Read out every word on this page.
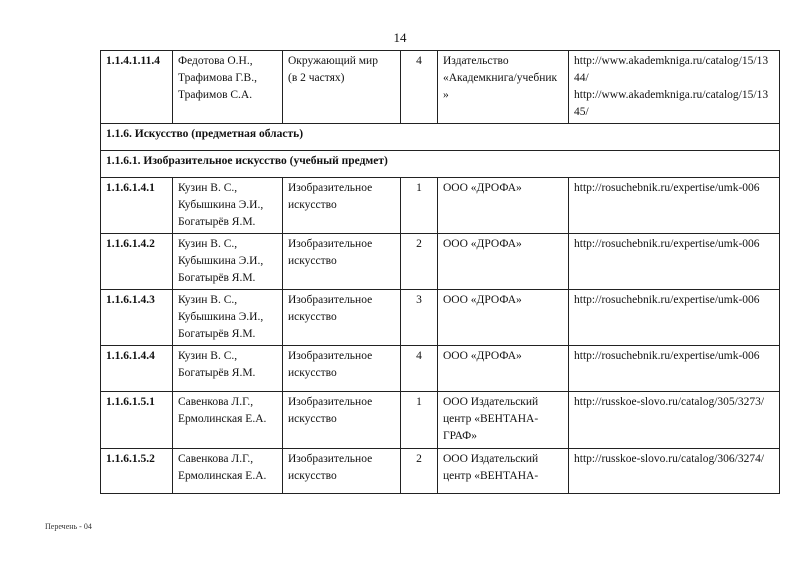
14
1.1.4.1.11.4	Федотова О.Н.,
Трафимова Г.В.,
Трафимов С.А.	Окружающий мир
(в 2 частях)	4	Издательство
«Академкнига/учебник
»	http://www.akademkniga.ru/catalog/15/13
44/
http://www.akademkniga.ru/catalog/15/13
45/
1.1.6. Искусство (предметная область)					
1.1.6.1. Изобразительное искусство (учебный предмет)					
1.1.6.1.4.1	Кузин В. С.,
Кубышкина Э.И.,
Богатырёв Я.М.	Изобразительное
искусство	1	ООО «ДРОФА»	http://rosuchebnik.ru/expertise/umk-006
1.1.6.1.4.2	Кузин В. С.,
Кубышкина Э.И.,
Богатырёв Я.М.	Изобразительное
искусство	2	ООО «ДРОФА»	http://rosuchebnik.ru/expertise/umk-006
1.1.6.1.4.3	Кузин В. С.,
Кубышкина Э.И.,
Богатырёв Я.М.	Изобразительное
искусство	3	ООО «ДРОФА»	http://rosuchebnik.ru/expertise/umk-006
1.1.6.1.4.4	Кузин В. С.,
Богатырёв Я.М.	Изобразительное
искусство	4	ООО «ДРОФА»	http://rosuchebnik.ru/expertise/umk-006
1.1.6.1.5.1	Савенкова Л.Г.,
Ермолинская Е.А.	Изобразительное
искусство	1	ООО Издательский
центр «ВЕНТАНА-
ГРАФ»	http://russkoe-slovo.ru/catalog/305/3273/
1.1.6.1.5.2	Савенкова Л.Г.,
Ермолинская Е.А.	Изобразительное
искусство	2	ООО Издательский
центр «ВЕНТАНА-	http://russkoe-slovo.ru/catalog/306/3274/
Перечень - 04
